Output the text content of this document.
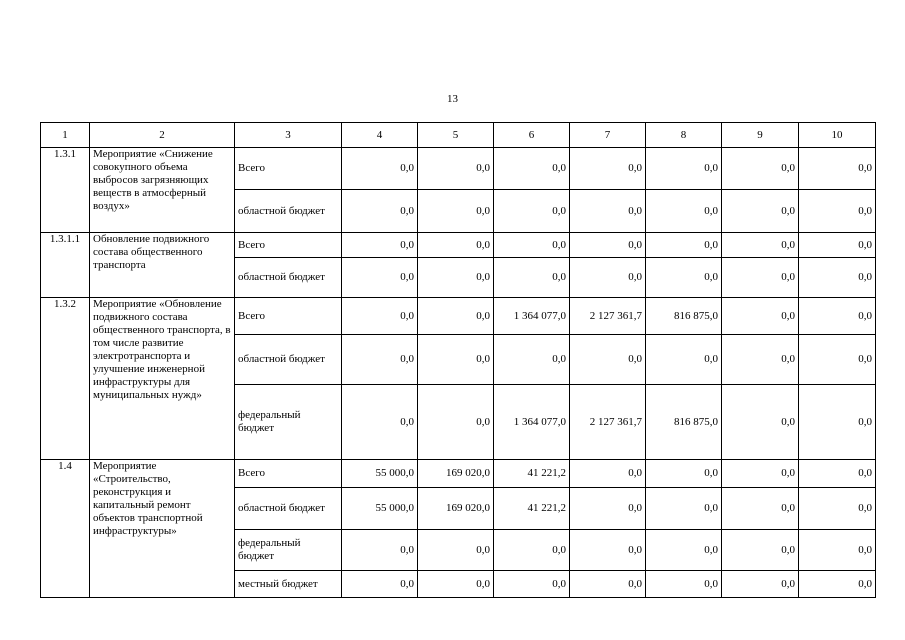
13
1	2	3	4	5	6	7	8	9	10
1.3.1	Мероприятие «Снижение совокупного объема выбросов загрязняющих веществ в атмосферный воздух»	Всего	0,0	0,0	0,0	0,0	0,0	0,0	0,0
		областной бюджет	0,0	0,0	0,0	0,0	0,0	0,0	0,0
1.3.1.1	Обновление подвижного состава общественного транспорта	Всего	0,0	0,0	0,0	0,0	0,0	0,0	0,0
		областной бюджет	0,0	0,0	0,0	0,0	0,0	0,0	0,0
1.3.2	Мероприятие «Обновление подвижного состава общественного транспорта, в том числе развитие электротранспорта и улучшение инженерной инфраструктуры для муниципальных нужд»	Всего	0,0	0,0	1 364 077,0	2 127 361,7	816 875,0	0,0	0,0
		областной бюджет	0,0	0,0	0,0	0,0	0,0	0,0	0,0
		федеральный бюджет	0,0	0,0	1 364 077,0	2 127 361,7	816 875,0	0,0	0,0
1.4	Мероприятие «Строительство, реконструкция и капитальный ремонт объектов транспортной инфраструктуры»	Всего	55 000,0	169 020,0	41 221,2	0,0	0,0	0,0	0,0
		областной бюджет	55 000,0	169 020,0	41 221,2	0,0	0,0	0,0	0,0
		федеральный бюджет	0,0	0,0	0,0	0,0	0,0	0,0	0,0
		местный бюджет	0,0	0,0	0,0	0,0	0,0	0,0	0,0
